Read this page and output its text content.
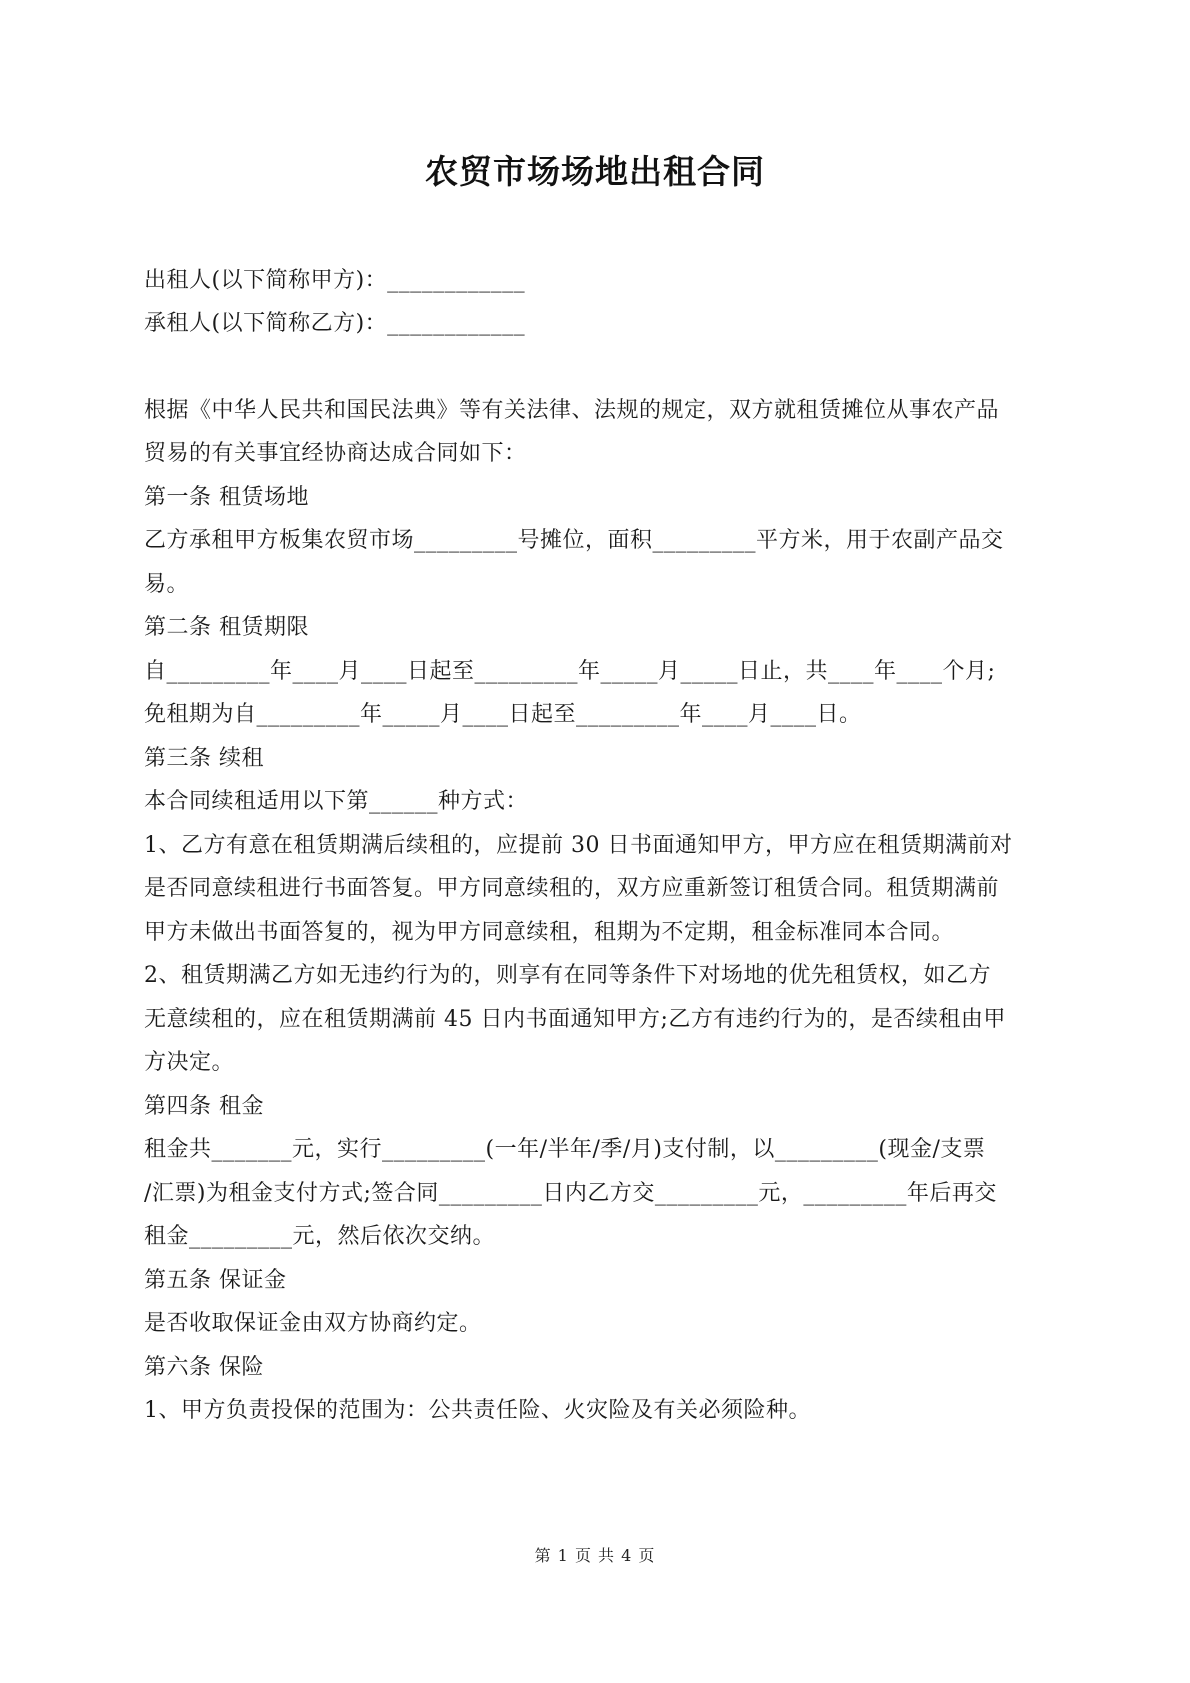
农贸市场场地出租合同
出租人(以下简称甲方)：____________
承租人(以下简称乙方)：____________
根据《中华人民共和国民法典》等有关法律、法规的规定，双方就租赁摊位从事农产品
贸易的有关事宜经协商达成合同如下：
第一条 租赁场地
乙方承租甲方板集农贸市场_________号摊位，面积_________平方米，用于农副产品交
易。
第二条 租赁期限
自_________年____月____日起至_________年_____月_____日止，共____年____个月;
免租期为自_________年_____月____日起至_________年____月____日。
第三条 续租
本合同续租适用以下第______种方式：
1、乙方有意在租赁期满后续租的，应提前 30 日书面通知甲方，甲方应在租赁期满前对
是否同意续租进行书面答复。甲方同意续租的，双方应重新签订租赁合同。租赁期满前
甲方未做出书面答复的，视为甲方同意续租，租期为不定期，租金标准同本合同。
2、租赁期满乙方如无违约行为的，则享有在同等条件下对场地的优先租赁权，如乙方
无意续租的，应在租赁期满前 45 日内书面通知甲方;乙方有违约行为的，是否续租由甲
方决定。
第四条 租金
租金共_______元，实行_________(一年/半年/季/月)支付制，以_________(现金/支票
/汇票)为租金支付方式;签合同_________日内乙方交_________元，_________年后再交
租金_________元，然后依次交纳。
第五条 保证金
是否收取保证金由双方协商约定。
第六条 保险
1、甲方负责投保的范围为：公共责任险、火灾险及有关必须险种。
第 1 页 共 4 页
